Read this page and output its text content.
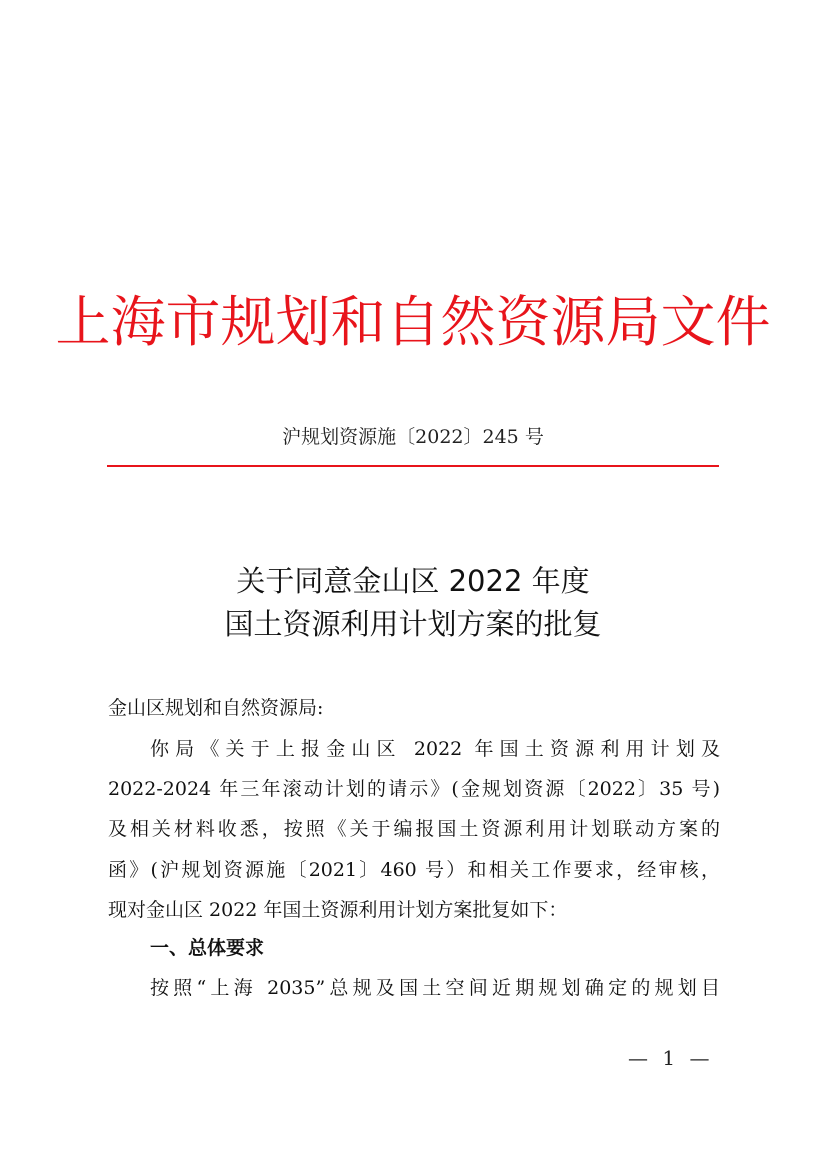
上海市规划和自然资源局文件
沪规划资源施〔2022〕245 号
关于同意金山区 2022 年度
国土资源利用计划方案的批复
金山区规划和自然资源局:
你局《关于上报金山区 2022 年国土资源利用计划及
2022-2024 年三年滚动计划的请示》(金规划资源〔2022〕35 号)
及相关材料收悉，按照《关于编报国土资源利用计划联动方案的
函》(沪规划资源施〔2021〕460 号）和相关工作要求，经审核，
现对金山区 2022 年国土资源利用计划方案批复如下：
一、总体要求
按照“上海 2035”总规及国土空间近期规划确定的规划目
— 1 —
